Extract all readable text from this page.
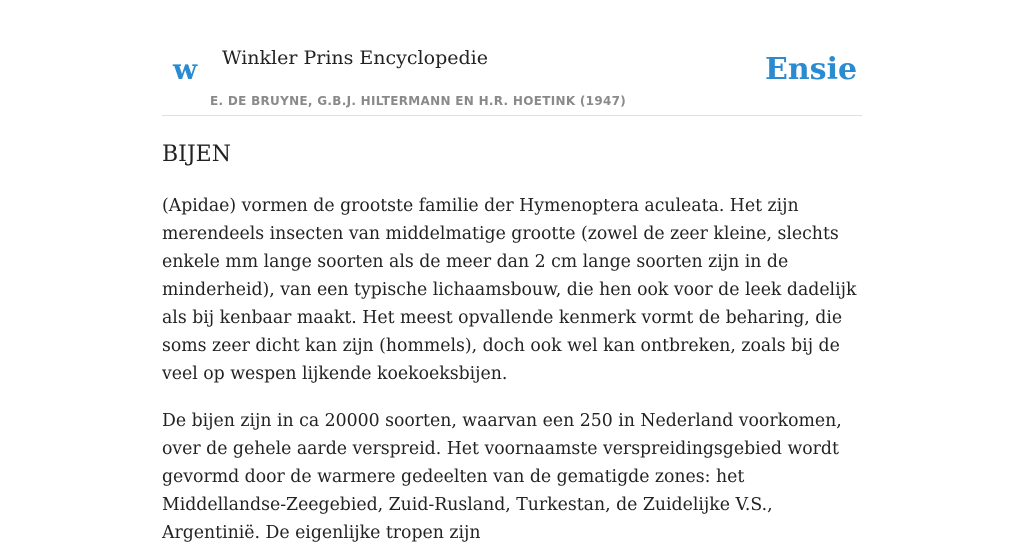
w Winkler Prins Encyclopedie
E. DE BRUYNE, G.B.J. HILTERMANN EN H.R. HOETINK (1947)
Ensie
BIJEN

(Apidae) vormen de grootste familie der Hymenoptera aculeata. Het zijn merendeels insecten van middelmatige grootte (zowel de zeer kleine, slechts enkele mm lange soorten als de meer dan 2 cm lange soorten zijn in de minderheid), van een typische lichaamsbouw, die hen ook voor de leek dadelijk als bij kenbaar maakt. Het meest opvallende kenmerk vormt de beharing, die soms zeer dicht kan zijn (hommels), doch ook wel kan ontbreken, zoals bij de veel op wespen lijkende koekoeksbijen.

De bijen zijn in ca 20000 soorten, waarvan een 250 in Nederland voorkomen, over de gehele aarde verspreid. Het voornaamste verspreidingsgebied wordt gevormd door de warmere gedeelten van de gematigde zones: het Middellandse-Zeegebied, Zuid-Rusland, Turkestan, de Zuidelijke V.S., Argentinië. De eigenlijke tropen zijn
